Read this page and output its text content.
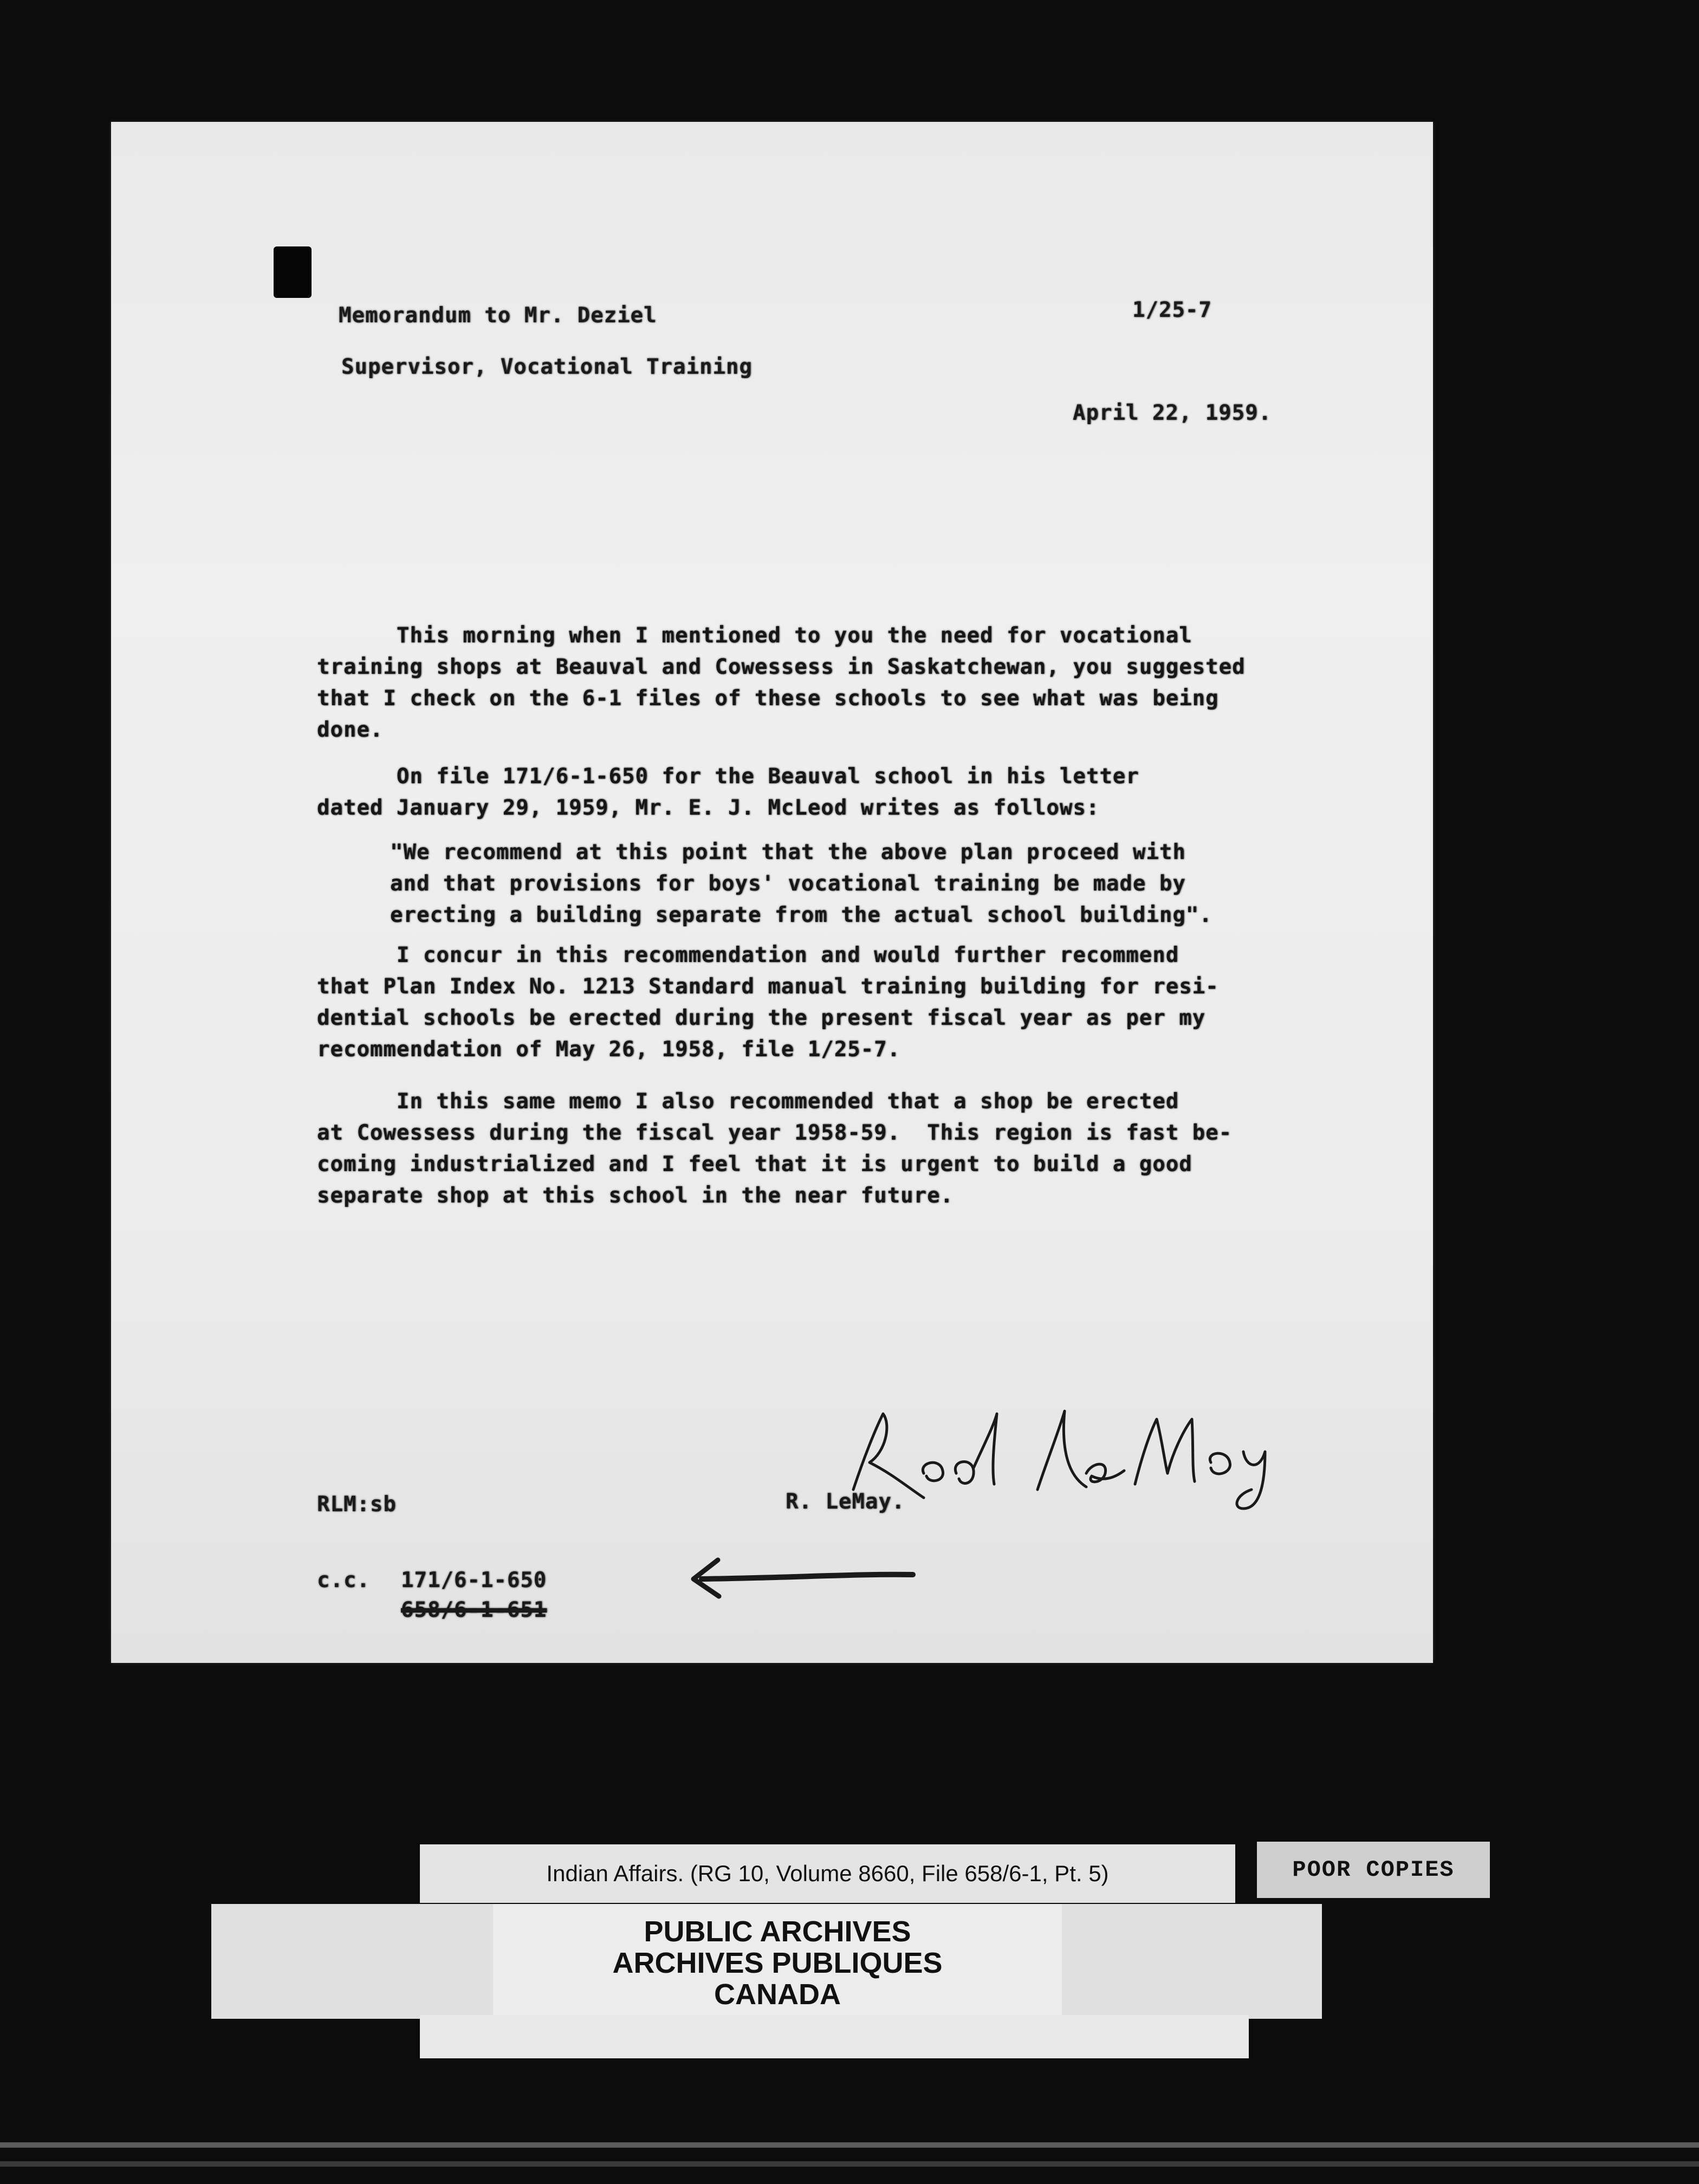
Memorandum to Mr. Deziel	1/25-7
Supervisor, Vocational Training
April 22, 1959.
This morning when I mentioned to you the need for vocational
training shops at Beauval and Cowessess in Saskatchewan, you suggested
that I check on the 6-1 files of these schools to see what was being
done.
On file 171/6-1-650 for the Beauval school in his letter
dated January 29, 1959, Mr. E. J. McLeod writes as follows:
"We recommend at this point that the above plan proceed with
and that provisions for boys' vocational training be made by
erecting a building separate from the actual school building".
I concur in this recommendation and would further recommend
that Plan Index No. 1213 Standard manual training building for resi-
dential schools be erected during the present fiscal year as per my
recommendation of May 26, 1958, file 1/25-7.
In this same memo I also recommended that a shop be erected
at Cowessess during the fiscal year 1958-59.  This region is fast be-
coming industrialized and I feel that it is urgent to build a good
separate shop at this school in the near future.
R. LeMay.
RLM:sb
c.c. 171/6-1-650
658/6-1-651
Indian Affairs. (RG 10, Volume 8660, File 658/6-1, Pt. 5)	POOR COPIES
PUBLIC ARCHIVES
ARCHIVES PUBLIQUES
CANADA
